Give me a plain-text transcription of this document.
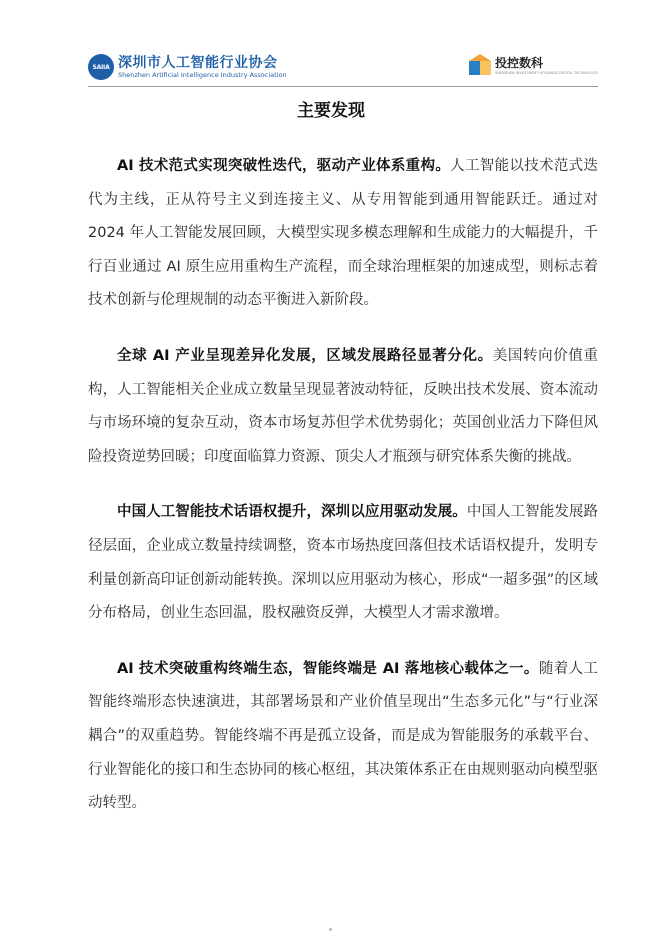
SAIIA 深圳市人工智能行业协会
Shenzhen Artificial Intelligence Industry Association
投控数科
SHENZHEN INVESTMENT HOLDINGS DIGITAL TECHNOLOGY
主要发现

AI 技术范式实现突破性迭代，驱动产业体系重构。人工智能以技术范式迭代为主线，正从符号主义到连接主义、从专用智能到通用智能跃迁。通过对 2024 年人工智能发展回顾，大模型实现多模态理解和生成能力的大幅提升，千行百业通过 AI 原生应用重构生产流程，而全球治理框架的加速成型，则标志着技术创新与伦理规制的动态平衡进入新阶段。

全球 AI 产业呈现差异化发展，区域发展路径显著分化。美国转向价值重构，人工智能相关企业成立数量呈现显著波动特征，反映出技术发展、资本流动与市场环境的复杂互动，资本市场复苏但学术优势弱化；英国创业活力下降但风险投资逆势回暖；印度面临算力资源、顶尖人才瓶颈与研究体系失衡的挑战。

中国人工智能技术话语权提升，深圳以应用驱动发展。中国人工智能发展路径层面，企业成立数量持续调整，资本市场热度回落但技术话语权提升，发明专利量创新高印证创新动能转换。深圳以应用驱动为核心，形成“一超多强”的区域分布格局，创业生态回温，股权融资反弹，大模型人才需求激增。

AI 技术突破重构终端生态，智能终端是 AI 落地核心载体之一。随着人工智能终端形态快速演进，其部署场景和产业价值呈现出“生态多元化”与“行业深耦合”的双重趋势。智能终端不再是孤立设备，而是成为智能服务的承载平台、行业智能化的接口和生态协同的核心枢纽，其决策体系正在由规则驱动向模型驱动转型。
